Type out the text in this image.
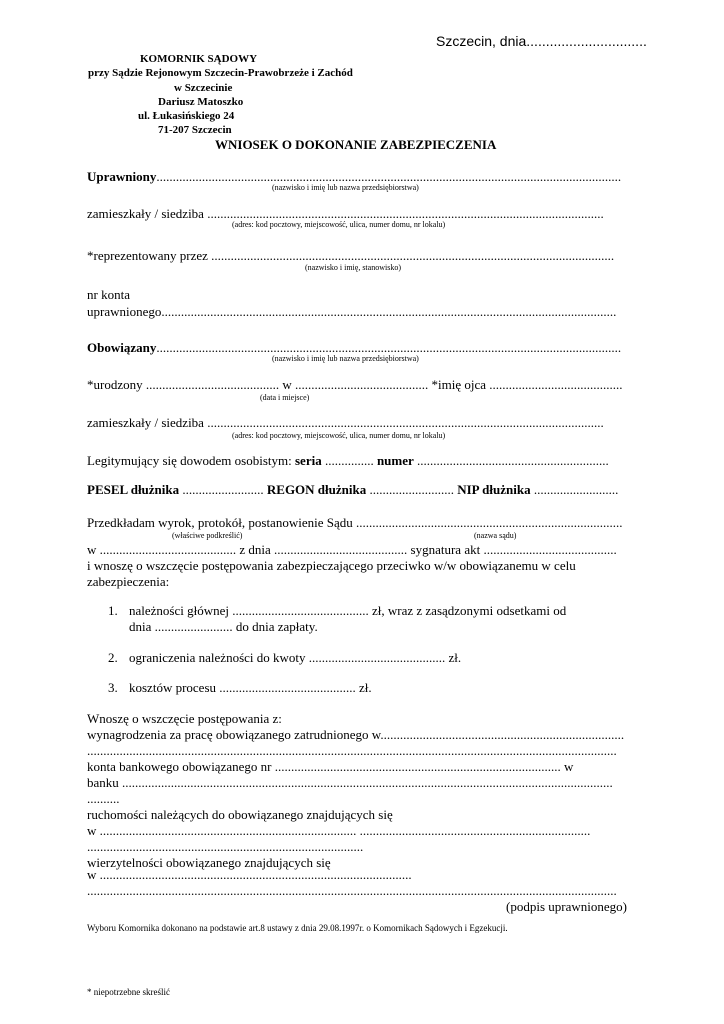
Szczecin, dnia...............................
KOMORNIK SĄDOWY
przy Sądzie Rejonowym Szczecin-Prawobrzeże i Zachód
w Szczecinie
Dariusz Matoszko
ul. Łukasińskiego 24
71-207 Szczecin
WNIOSEK O DOKONANIE ZABEZPIECZENIA
Uprawniony...............................................................................................................................................
(nazwisko i imię lub nazwa przedsiębiorstwa)
zamieszkały / siedziba ..........................................................................................................................
(adres: kod pocztowy, miejscowość, ulica, numer domu, nr lokalu)
*reprezentowany przez ............................................................................................................................
(nazwisko i imię, stanowisko)
nr konta
uprawnionego............................................................................................................................................
Obowiązany...............................................................................................................................................
(nazwisko i imię lub nazwa przedsiębiorstwa)
*urodzony ......................................... w ......................................... *imię ojca .........................................
(data i miejsce)
zamieszkały / siedziba ..........................................................................................................................
(adres: kod pocztowy, miejscowość, ulica, numer domu, nr lokalu)
Legitymujący się dowodem osobistym: seria ............... numer ...........................................................
PESEL dłużnika ......................... REGON dłużnika .......................... NIP dłużnika ..........................
Przedkładam wyrok, protokół, postanowienie Sądu ..................................................................................
(właściwe podkreślić)	(nazwa sądu)
w .......................................... z dnia ......................................... sygnatura akt .........................................
i wnoszę o wszczęcie postępowania zabezpieczającego przeciwko w/w obowiązanemu w celu
zabezpieczenia:
1. należności głównej .......................................... zł, wraz z zasądzonymi odsetkami od
dnia ........................ do dnia zapłaty.
2. ograniczenia należności do kwoty .......................................... zł.
3. kosztów procesu .......................................... zł.
Wnoszę o wszczęcie postępowania z:
wynagrodzenia za pracę obowiązanego zatrudnionego w...........................................................................
...................................................................................................................................................................
konta bankowego obowiązanego nr ........................................................................................ w
banku .......................................................................................................................................................
..........
ruchomości należących do obowiązanego znajdujących się
w ............................................................................... .......................................................................
.....................................................................................
wierzytelności obowiązanego znajdujących się
w ................................................................................................
...................................................................................................................................................................
(podpis uprawnionego)
Wyboru Komornika dokonano na podstawie art.8 ustawy z dnia 29.08.1997r. o Komornikach Sądowych i Egzekucji.
* niepotrzebne skreślić
